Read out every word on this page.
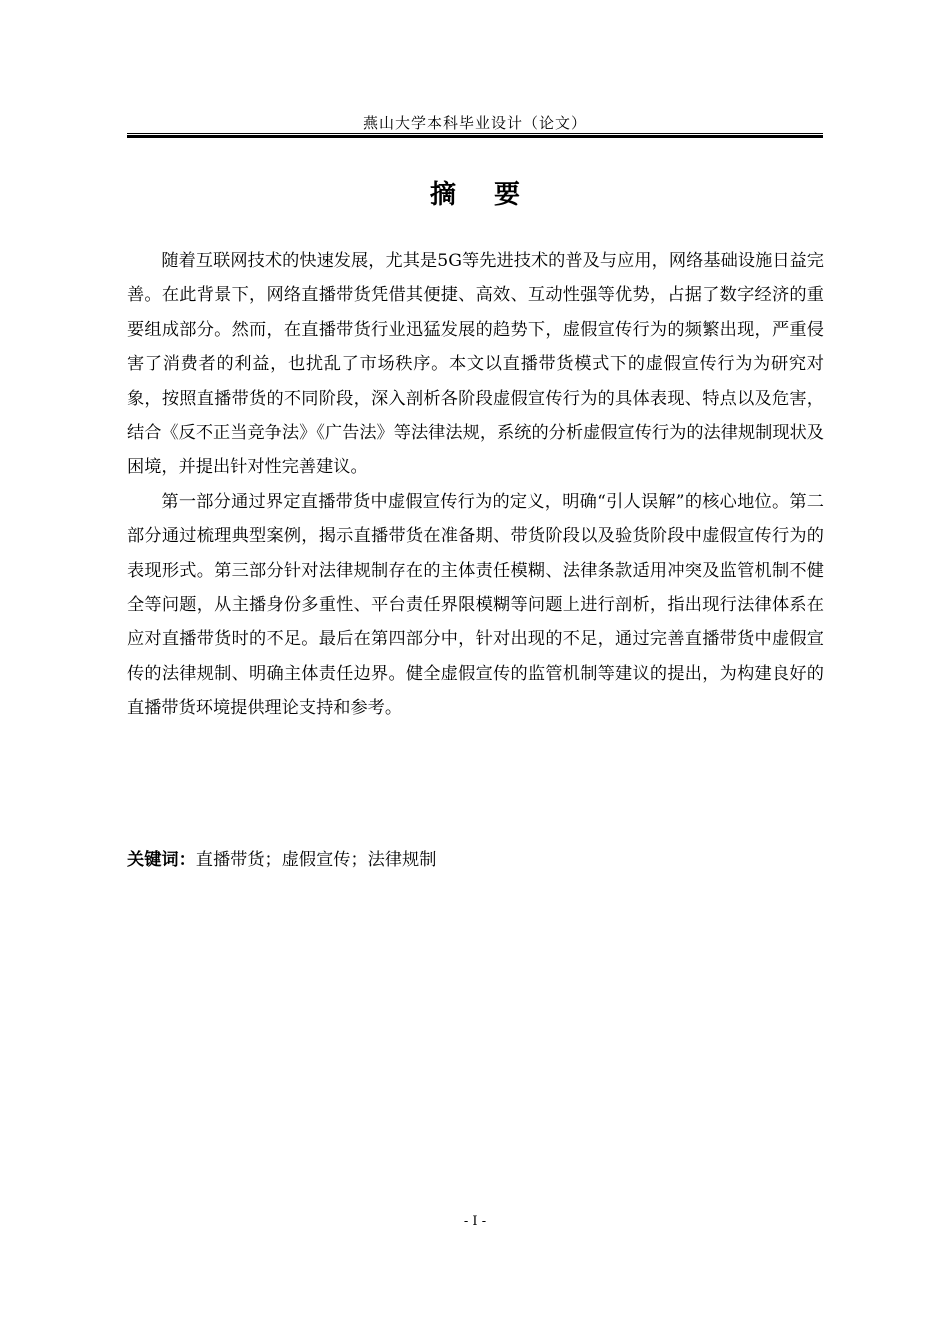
燕山大学本科毕业设计（论文）
摘 要

随着互联网技术的快速发展，尤其是5G等先进技术的普及与应用，网络基础设施日益完善。在此背景下，网络直播带货凭借其便捷、高效、互动性强等优势，占据了数字经济的重要组成部分。然而，在直播带货行业迅猛发展的趋势下，虚假宣传行为的频繁出现，严重侵害了消费者的利益，也扰乱了市场秩序。本文以直播带货模式下的虚假宣传行为为研究对象，按照直播带货的不同阶段，深入剖析各阶段虚假宣传行为的具体表现、特点以及危害，结合《反不正当竞争法》《广告法》等法律法规，系统的分析虚假宣传行为的法律规制现状及困境，并提出针对性完善建议。

第一部分通过界定直播带货中虚假宣传行为的定义，明确“引人误解”的核心地位。第二部分通过梳理典型案例，揭示直播带货在准备期、带货阶段以及验货阶段中虚假宣传行为的表现形式。第三部分针对法律规制存在的主体责任模糊、法律条款适用冲突及监管机制不健全等问题，从主播身份多重性、平台责任界限模糊等问题上进行剖析，指出现行法律体系在应对直播带货时的不足。最后在第四部分中，针对出现的不足，通过完善直播带货中虚假宣传的法律规制、明确主体责任边界。健全虚假宣传的监管机制等建议的提出，为构建良好的直播带货环境提供理论支持和参考。

关键词：直播带货；虚假宣传；法律规制
- I -
